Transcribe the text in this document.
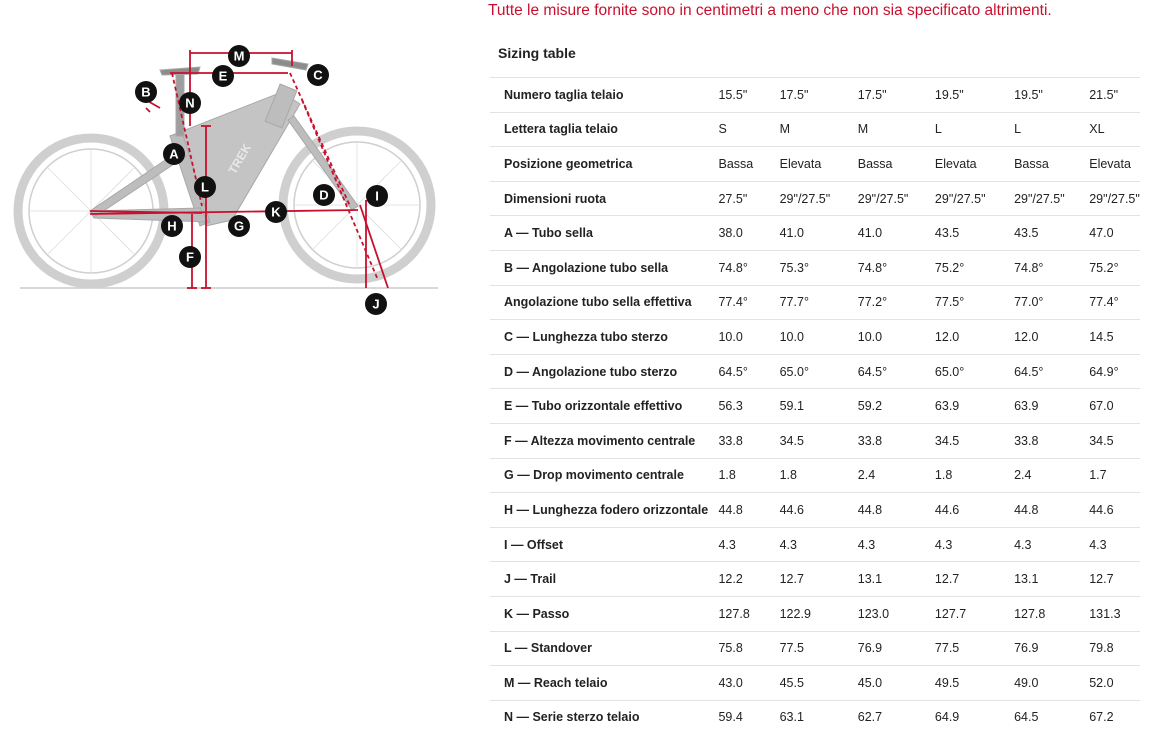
Tutte le misure fornite sono in centimetri a meno che non sia specificato altrimenti.
TREK
M
E	C
B
N
A
L
D	I
K
H	G
F
J
Sizing table
Numero taglia telaio	15.5"	17.5"	17.5"	19.5"	19.5"	21.5"
Lettera taglia telaio	S	M	M	L	L	XL
Posizione geometrica	Bassa	Elevata	Bassa	Elevata	Bassa	Elevata
Dimensioni ruota	27.5"	29"/27.5"	29"/27.5"	29"/27.5"	29"/27.5"	29"/27.5"
A — Tubo sella	38.0	41.0	41.0	43.5	43.5	47.0
B — Angolazione tubo sella	74.8°	75.3°	74.8°	75.2°	74.8°	75.2°
Angolazione tubo sella effettiva	77.4°	77.7°	77.2°	77.5°	77.0°	77.4°
C — Lunghezza tubo sterzo	10.0	10.0	10.0	12.0	12.0	14.5
D — Angolazione tubo sterzo	64.5°	65.0°	64.5°	65.0°	64.5°	64.9°
E — Tubo orizzontale effettivo	56.3	59.1	59.2	63.9	63.9	67.0
F — Altezza movimento centrale	33.8	34.5	33.8	34.5	33.8	34.5
G — Drop movimento centrale	1.8	1.8	2.4	1.8	2.4	1.7
H — Lunghezza fodero orizzontale	44.8	44.6	44.8	44.6	44.8	44.6
I — Offset	4.3	4.3	4.3	4.3	4.3	4.3
J — Trail	12.2	12.7	13.1	12.7	13.1	12.7
K — Passo	127.8	122.9	123.0	127.7	127.8	131.3
L — Standover	75.8	77.5	76.9	77.5	76.9	79.8
M — Reach telaio	43.0	45.5	45.0	49.5	49.0	52.0
N — Serie sterzo telaio	59.4	63.1	62.7	64.9	64.5	67.2
